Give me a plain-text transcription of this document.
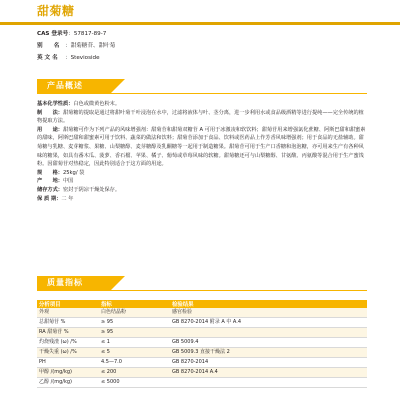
甜菊糖
CAS 登录号：57817-89-7
别　　名 ：甜菊糖苷、甜叶菊
英 文 名 ：Stevioside
产品概述

基本化学性质：白色或微黄色粉末。

制　　法：甜菊糖的提取是通过将甜叶菊干叶浸泡在水中，过滤将液体与叶、茎分离，进一步利用水或食品级酒精等进行提纯——完全传统的植物提取方法。

用　　途：甜菊糖可作为下列产品的风味增强剂：甜菊苷和甜菊双糖苷 A 可用于冰激凌和软饮料；甜菊苷用来增强氯化蔗糖、阿斯巴甜和甜蜜素的甜味，阿斯巴甜和甜蜜素可用于饮料、蔬菜的做法和饮料；甜菊苷添加于食品、饮料或医药品上作芳香风味增强剂；用于食品的无盐辅助。甜菊糖与乳糖、麦芽糖浆、果糖、山梨糖醇、麦芽糖醇及乳酮糖等一起用于制造糖果。甜菊苷可用于生产口香糖和泡泡糖，亦可用来生产有各种风味的糖果，如具有番木瓜、菠萝、香石榴、苹果、橘子、葡萄或草莓风味的软糖。甜菊糖还可与山梨糖醇、甘氨酸、丙氨酸等混合用于生产蜜饯粉。因甜菊苷对热稳定，因此特别适合于这方面的用途。

规　　格：25kg/ 袋

产　　地：中国

储存方式：密封于阴凉干燥处保存。

保 质 期：二 年

质量指标
分析项目	指标	检验结果	
外观	白色结晶粉	感官检验	
总甜菊苷 %	≥ 95	GB 8270-2014 附录 A 中 A.4	
RA 甜菊苷 %	≥ 95		
灼烧残渣 (ω) /%	≤ 1	GB 5009.4	
干燥失重 (ω) /%	≤ 5	GB 5009.3 直接干燥法 2	
PH	4.5—7.0	GB 8270-2014	
甲醇 /(mg/kg)	≤ 200	GB 8270-2014 A.4	
乙醇 /(mg/kg)	≤ 5000		
